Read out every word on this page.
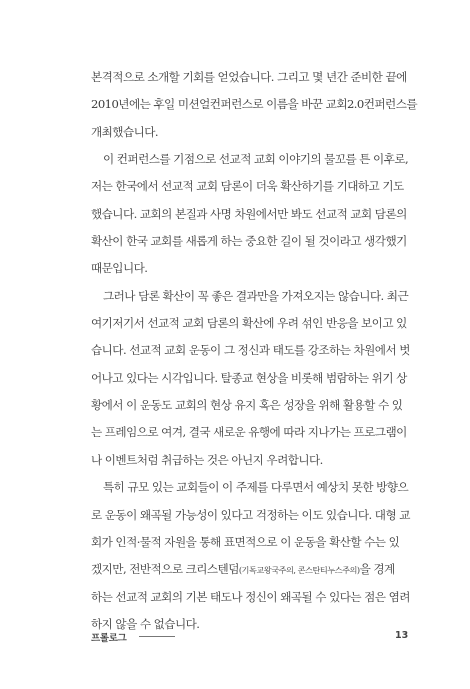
본격적으로 소개할 기회를 얻었습니다. 그리고 몇 년간 준비한 끝에
2010년에는 후일 미션얼컨퍼런스로 이름을 바꾼 교회2.0컨퍼런스를
개최했습니다.
이 컨퍼런스를 기점으로 선교적 교회 이야기의 물꼬를 튼 이후로,
저는 한국에서 선교적 교회 담론이 더욱 확산하기를 기대하고 기도
했습니다. 교회의 본질과 사명 차원에서만 봐도 선교적 교회 담론의
확산이 한국 교회를 새롭게 하는 중요한 길이 될 것이라고 생각했기
때문입니다.
그러나 담론 확산이 꼭 좋은 결과만을 가져오지는 않습니다. 최근
여기저기서 선교적 교회 담론의 확산에 우려 섞인 반응을 보이고 있
습니다. 선교적 교회 운동이 그 정신과 태도를 강조하는 차원에서 벗
어나고 있다는 시각입니다. 탈종교 현상을 비롯해 범람하는 위기 상
황에서 이 운동도 교회의 현상 유지 혹은 성장을 위해 활용할 수 있
는 프레임으로 여겨, 결국 새로운 유행에 따라 지나가는 프로그램이
나 이벤트처럼 취급하는 것은 아닌지 우려합니다.
특히 규모 있는 교회들이 이 주제를 다루면서 예상치 못한 방향으
로 운동이 왜곡될 가능성이 있다고 걱정하는 이도 있습니다. 대형 교
회가 인적·물적 자원을 통해 표면적으로 이 운동을 확산할 수는 있
겠지만, 전반적으로 크리스텐덤(기독교왕국주의, 콘스탄티누스주의)을 경계
하는 선교적 교회의 기본 태도나 정신이 왜곡될 수 있다는 점은 염려
하지 않을 수 없습니다.
프롤로그	13
